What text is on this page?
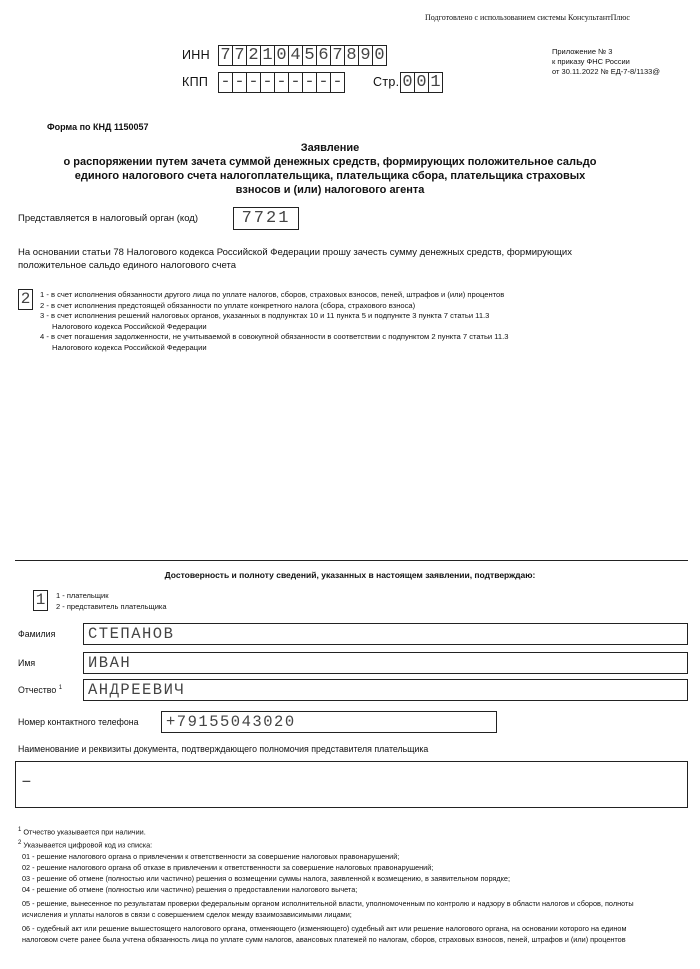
Подготовлено с использованием системы КонсультантПлюс
ИНН 7 7 2 1 0 4 5 6 7 8 9 0
КПП - - - - - - - - - Стр. 0 0 1
Приложение № 3
к приказу ФНС России
от 30.11.2022 № ЕД-7-8/1133@
Форма по КНД 1150057
Заявление
о распоряжении путем зачета суммой денежных средств, формирующих положительное сальдо
единого налогового счета налогоплательщика, плательщика сбора, плательщика страховых
взносов и (или) налогового агента
Представляется в налоговый орган (код)	7721
На основании статьи 78 Налогового кодекса Российской Федерации прошу зачесть сумму денежных средств, формирующих
положительное сальдо единого налогового счета
2	1 - в счет исполнения обязанности другого лица по уплате налогов, сборов, страховых взносов, пеней, штрафов и (или) процентов
2 - в счет исполнения предстоящей обязанности по уплате конкретного налога (сбора, страхового взноса)
3 - в счет исполнения решений налоговых органов, указанных в подпунктах 10 и 11 пункта 5 и подпункте 3 пункта 7 статьи 11.3
Налогового кодекса Российской Федерации
4 - в счет погашения задолженности, не учитываемой в совокупной обязанности в соответствии с подпунктом 2 пункта 7 статьи 11.3
Налогового кодекса Российской Федерации
Достоверность и полноту сведений, указанных в настоящем заявлении, подтверждаю:
1	1 - плательщик
2 - представитель плательщика
Фамилия	СТЕПАНОВ
Имя	ИВАН
Отчество $^1$	АНДРЕЕВИЧ
Номер контактного телефона	+79155043020
Наименование и реквизиты документа, подтверждающего полномочия представителя плательщика
–
$^1$ Отчество указывается при наличии.
$^2$ Указывается цифровой код из списка:
01 - решение налогового органа о привлечении к ответственности за совершение налоговых правонарушений;
02 - решение налогового органа об отказе в привлечении к ответственности за совершение налоговых правонарушений;
03 - решение об отмене (полностью или частично) решения о возмещении суммы налога, заявленной к возмещению, в заявительном порядке;
04 - решение об отмене (полностью или частично) решения о предоставлении налогового вычета;
05 - решение, вынесенное по результатам проверки федеральным органом исполнительной власти, уполномоченным по контролю и надзору в области налогов и сборов, полноты
исчисления и уплаты налогов в связи с совершением сделок между взаимозависимыми лицами;
06 - судебный акт или решение вышестоящего налогового органа, отменяющего (изменяющего) судебный акт или решение налогового органа, на основании которого на едином
налоговом счете ранее была учтена обязанность лица по уплате сумм налогов, авансовых платежей по налогам, сборов, страховых взносов, пеней, штрафов и (или) процентов
